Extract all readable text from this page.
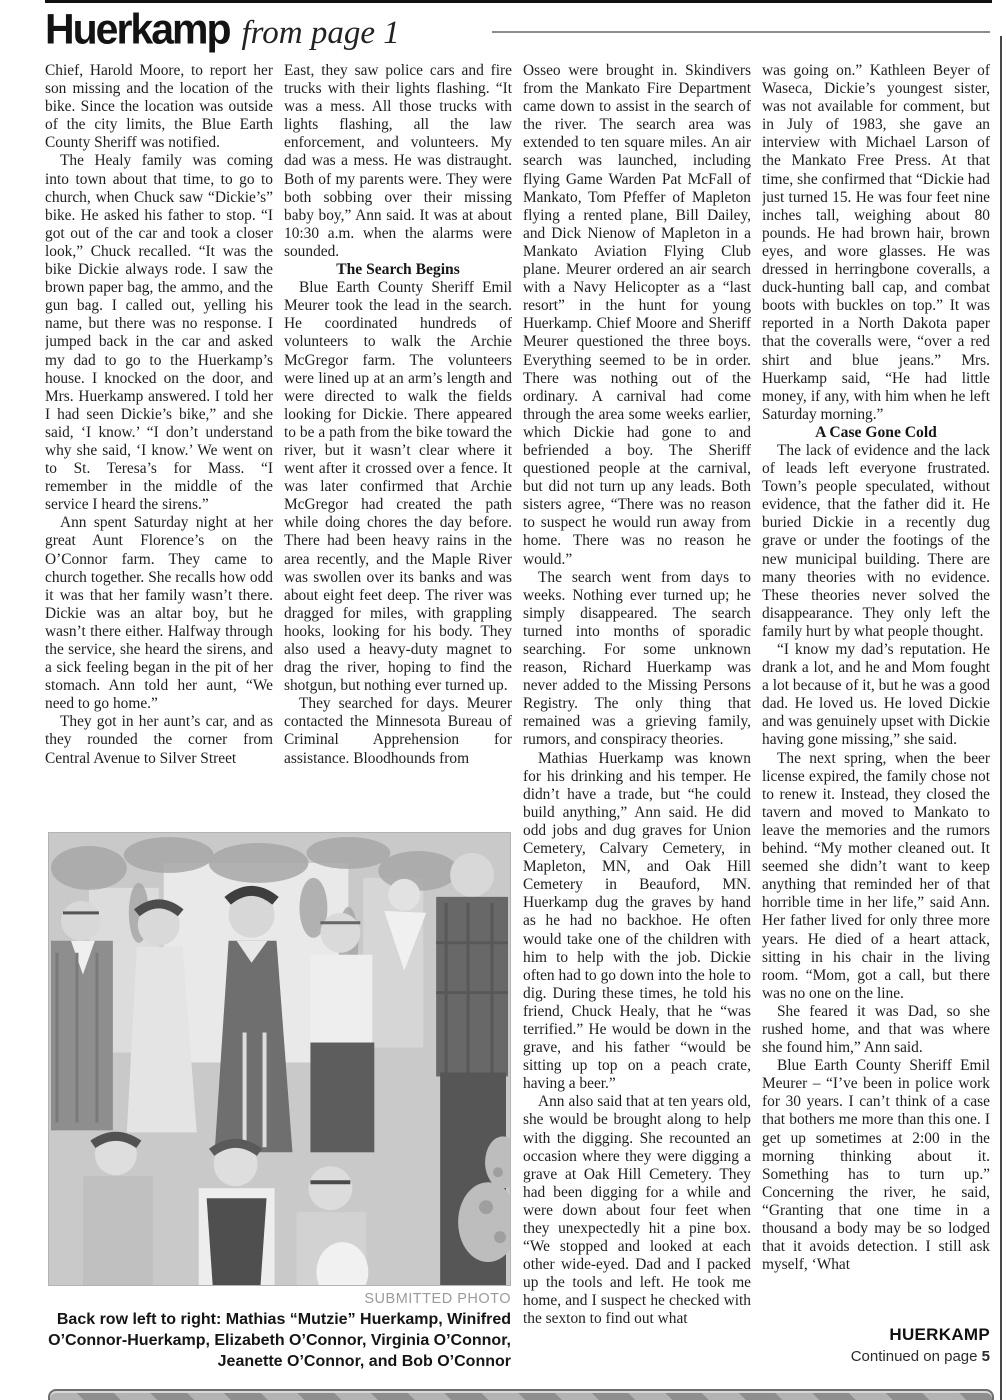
Huerkamp from page 1

Chief, Harold Moore, to report her son missing and the location of the bike. Since the location was outside of the city limits, the Blue Earth County Sheriff was notified.

The Healy family was coming into town about that time, to go to church, when Chuck saw “Dickie’s” bike. He asked his father to stop. “I got out of the car and took a closer look,” Chuck recalled. “It was the bike Dickie always rode. I saw the brown paper bag, the ammo, and the gun bag. I called out, yelling his name, but there was no response. I jumped back in the car and asked my dad to go to the Huerkamp’s house. I knocked on the door, and Mrs. Huerkamp answered. I told her I had seen Dickie’s bike,” and she said, ‘I know.’ “I don’t understand why she said, ‘I know.’ We went on to St. Teresa’s for Mass. “I remember in the middle of the service I heard the sirens.”

Ann spent Saturday night at her great Aunt Florence’s on the O’Connor farm. They came to church together. She recalls how odd it was that her family wasn’t there. Dickie was an altar boy, but he wasn’t there either. Halfway through the service, she heard the sirens, and a sick feeling began in the pit of her stomach. Ann told her aunt, “We need to go home.”

They got in her aunt’s car, and as they rounded the corner from Central Avenue to Silver Street

East, they saw police cars and fire trucks with their lights flashing. “It was a mess. All those trucks with lights flashing, all the law enforcement, and volunteers. My dad was a mess. He was distraught. Both of my parents were. They were both sobbing over their missing baby boy,” Ann said. It was at about 10:30 a.m. when the alarms were sounded.

The Search Begins

Blue Earth County Sheriff Emil Meurer took the lead in the search. He coordinated hundreds of volunteers to walk the Archie McGregor farm. The volunteers were lined up at an arm’s length and were directed to walk the fields looking for Dickie. There appeared to be a path from the bike toward the river, but it wasn’t clear where it went after it crossed over a fence. It was later confirmed that Archie McGregor had created the path while doing chores the day before. There had been heavy rains in the area recently, and the Maple River was swollen over its banks and was about eight feet deep. The river was dragged for miles, with grappling hooks, looking for his body. They also used a heavy-duty magnet to drag the river, hoping to find the shotgun, but nothing ever turned up.

They searched for days. Meurer contacted the Minnesota Bureau of Criminal Apprehension for assistance. Bloodhounds from

Osseo were brought in. Skindivers from the Mankato Fire Department came down to assist in the search of the river. The search area was extended to ten square miles. An air search was launched, including flying Game Warden Pat McFall of Mankato, Tom Pfeffer of Mapleton flying a rented plane, Bill Dailey, and Dick Nienow of Mapleton in a Mankato Aviation Flying Club plane. Meurer ordered an air search with a Navy Helicopter as a “last resort” in the hunt for young Huerkamp. Chief Moore and Sheriff Meurer questioned the three boys. Everything seemed to be in order. There was nothing out of the ordinary. A carnival had come through the area some weeks earlier, which Dickie had gone to and befriended a boy. The Sheriff questioned people at the carnival, but did not turn up any leads. Both sisters agree, “There was no reason to suspect he would run away from home. There was no reason he would.”

The search went from days to weeks. Nothing ever turned up; he simply disappeared. The search turned into months of sporadic searching. For some unknown reason, Richard Huerkamp was never added to the Missing Persons Registry. The only thing that remained was a grieving family, rumors, and conspiracy theories.

Mathias Huerkamp was known for his drinking and his temper. He didn’t have a trade, but “he could build anything,” Ann said. He did odd jobs and dug graves for Union Cemetery, Calvary Cemetery, in Mapleton, MN, and Oak Hill Cemetery in Beauford, MN. Huerkamp dug the graves by hand as he had no backhoe. He often would take one of the children with him to help with the job. Dickie often had to go down into the hole to dig. During these times, he told his friend, Chuck Healy, that he “was terrified.” He would be down in the grave, and his father “would be sitting up top on a peach crate, having a beer.”

Ann also said that at ten years old, she would be brought along to help with the digging. She recounted an occasion where they were digging a grave at Oak Hill Cemetery. They had been digging for a while and were down about four feet when they unexpectedly hit a pine box. “We stopped and looked at each other wide-eyed. Dad and I packed up the tools and left. He took me home, and I suspect he checked with the sexton to find out what

was going on.” Kathleen Beyer of Waseca, Dickie’s youngest sister, was not available for comment, but in July of 1983, she gave an interview with Michael Larson of the Mankato Free Press. At that time, she confirmed that “Dickie had just turned 15. He was four feet nine inches tall, weighing about 80 pounds. He had brown hair, brown eyes, and wore glasses. He was dressed in herringbone coveralls, a duck-hunting ball cap, and combat boots with buckles on top.” It was reported in a North Dakota paper that the coveralls were, “over a red shirt and blue jeans.” Mrs. Huerkamp said, “He had little money, if any, with him when he left Saturday morning.”

A Case Gone Cold

The lack of evidence and the lack of leads left everyone frustrated. Town’s people speculated, without evidence, that the father did it. He buried Dickie in a recently dug grave or under the footings of the new municipal building. There are many theories with no evidence. These theories never solved the disappearance. They only left the family hurt by what people thought.

“I know my dad’s reputation. He drank a lot, and he and Mom fought a lot because of it, but he was a good dad. He loved us. He loved Dickie and was genuinely upset with Dickie having gone missing,” she said.

The next spring, when the beer license expired, the family chose not to renew it. Instead, they closed the tavern and moved to Mankato to leave the memories and the rumors behind. “My mother cleaned out. It seemed she didn’t want to keep anything that reminded her of that horrible time in her life,” said Ann. Her father lived for only three more years. He died of a heart attack, sitting in his chair in the living room. “Mom, got a call, but there was no one on the line.

She feared it was Dad, so she rushed home, and that was where she found him,” Ann said.

Blue Earth County Sheriff Emil Meurer – “I’ve been in police work for 30 years. I can’t think of a case that bothers me more than this one. I get up sometimes at 2:00 in the morning thinking about it. Something has to turn up.” Concerning the river, he said, “Granting that one time in a thousand a body may be so lodged that it avoids detection. I still ask myself, ‘What

SUBMITTED PHOTO

Back row left to right: Mathias “Mutzie” Huerkamp, Winifred O’Connor-Huerkamp, Elizabeth O’Connor, Virginia O’Connor, Jeanette O’Connor, and Bob O’Connor

HUERKAMP

Continued on page 5
